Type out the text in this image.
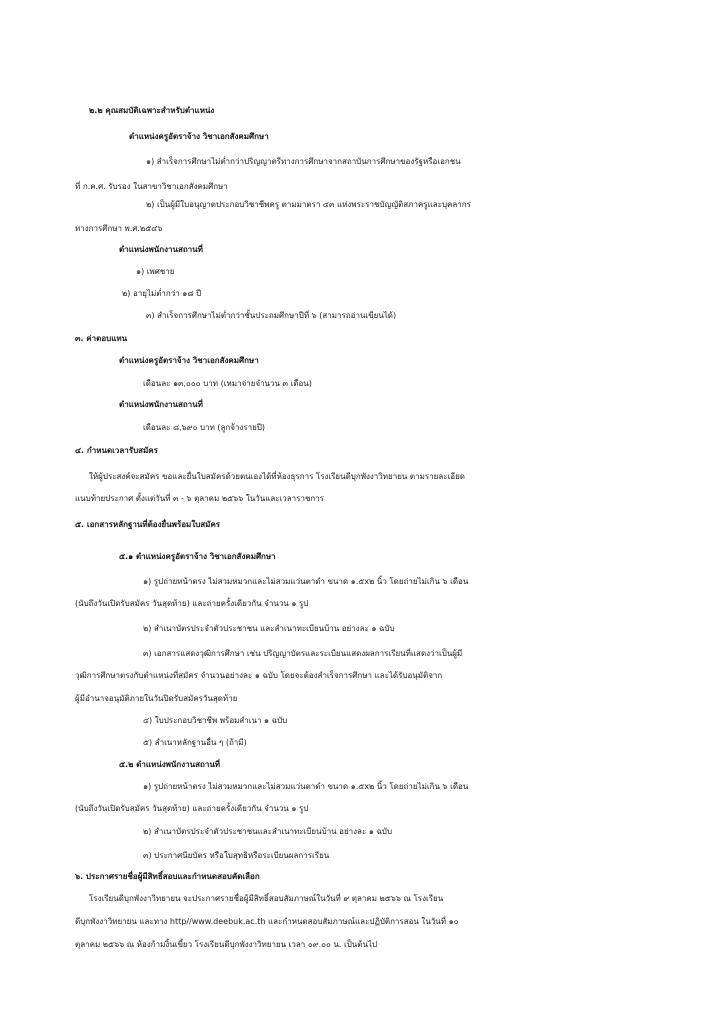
๒.๒ คุณสมบัติเฉพาะสำหรับตำแหน่ง
ตำแหน่งครูอัตราจ้าง วิชาเอกสังคมศึกษา
๑) สำเร็จการศึกษาไม่ต่ำกว่าปริญญาตรีทางการศึกษาจากสถาบันการศึกษาของรัฐหรือเอกชน
ที่ ก.ค.ศ. รับรอง ในสาขาวิชาเอกสังคมศึกษา
๒) เป็นผู้มีใบอนุญาตประกอบวิชาชีพครู ตามมาตรา ๔๓ แห่งพระราชบัญญัติสภาครูและบุคลากร
ทางการศึกษา พ.ศ.๒๕๔๖
ตำแหน่งพนักงานสถานที่
๑) เพศชาย
๒) อายุไม่ต่ำกว่า ๑๘ ปี
๓) สำเร็จการศึกษาไม่ต่ำกว่าชั้นประถมศึกษาปีที่ ๖ (สามารถอ่านเขียนได้)
๓. ค่าตอบแทน
ตำแหน่งครูอัตราจ้าง วิชาเอกสังคมศึกษา
เดือนละ ๑๓,๐๐๐ บาท (เหมาจ่ายจำนวน ๓ เดือน)
ตำแหน่งพนักงานสถานที่
เดือนละ ๘,๖๙๐ บาท (ลูกจ้างรายปี)
๔. กำหนดเวลารับสมัคร
ให้ผู้ประสงค์จะสมัคร ขอและยื่นใบสมัครด้วยตนเองได้ที่ห้องธุรการ โรงเรียนดีบุกพังงาวิทยายน ตามรายละเอียด
แนบท้ายประกาศ ตั้งแต่วันที่ ๓ - ๖ ตุลาคม ๒๕๖๖ ในวันและเวลาราชการ
๕. เอกสารหลักฐานที่ต้องยื่นพร้อมใบสมัคร
๕.๑ ตำแหน่งครูอัตราจ้าง วิชาเอกสังคมศึกษา
๑) รูปถ่ายหน้าตรง ไม่สวมหมวกและไม่สวมแว่นตาดำ ขนาด ๑.๕x๒ นิ้ว โดยถ่ายไม่เกิน ๖ เดือน
(นับถึงวันเปิดรับสมัคร วันสุดท้าย) และถ่ายครั้งเดียวกัน จำนวน ๑ รูป
๒) สำเนาบัตรประจำตัวประชาชน และสำเนาทะเบียนบ้าน อย่างละ ๑ ฉบับ
๓) เอกสารแสดงวุฒิการศึกษา เช่น ปริญญาบัตรและระเบียนแสดงผลการเรียนที่แสดงว่าเป็นผู้มี
วุฒิการศึกษาตรงกับตำแหน่งที่สมัคร จำนวนอย่างละ ๑ ฉบับ โดยจะต้องสำเร็จการศึกษา และได้รับอนุมัติจาก
ผู้มีอำนาจอนุมัติภายในวันปิดรับสมัครวันสุดท้าย
๔) ใบประกอบวิชาชีพ พร้อมสำเนา ๑ ฉบับ
๕) สำเนาหลักฐานอื่น ๆ (ถ้ามี)
๕.๒ ตำแหน่งพนักงานสถานที่
๑) รูปถ่ายหน้าตรง ไม่สวมหมวกและไม่สวมแว่นตาดำ ขนาด ๑.๕x๒ นิ้ว โดยถ่ายไม่เกิน ๖ เดือน
(นับถึงวันเปิดรับสมัคร วันสุดท้าย) และถ่ายครั้งเดียวกัน จำนวน ๑ รูป
๒) สำเนาบัตรประจำตัวประชาชนและสำเนาทะเบียนบ้าน อย่างละ ๑ ฉบับ
๓) ประกาศนียบัตร หรือใบสุทธิหรือระเบียนผลการเรียน
๖. ประกาศรายชื่อผู้มีสิทธิ์สอบและกำหนดสอบคัดเลือก
โรงเรียนดีบุกพังงาวิทยายน จะประกาศรายชื่อผู้มีสิทธิ์สอบสัมภาษณ์ในวันที่ ๙ ตุลาคม ๒๕๖๖ ณ โรงเรียน
ดีบุกพังงาวิทยายน และทาง http//www.deebuk.ac.th และกำหนดสอบสัมภาษณ์และปฏิบัติการสอน ในวันที่ ๑๐
ตุลาคม ๒๕๖๖ ณ ห้องก้ามงิ้นเขี้ยว โรงเรียนดีบุกพังงาวิทยายน เวลา ๐๙.๐๐ น. เป็นต้นไป
